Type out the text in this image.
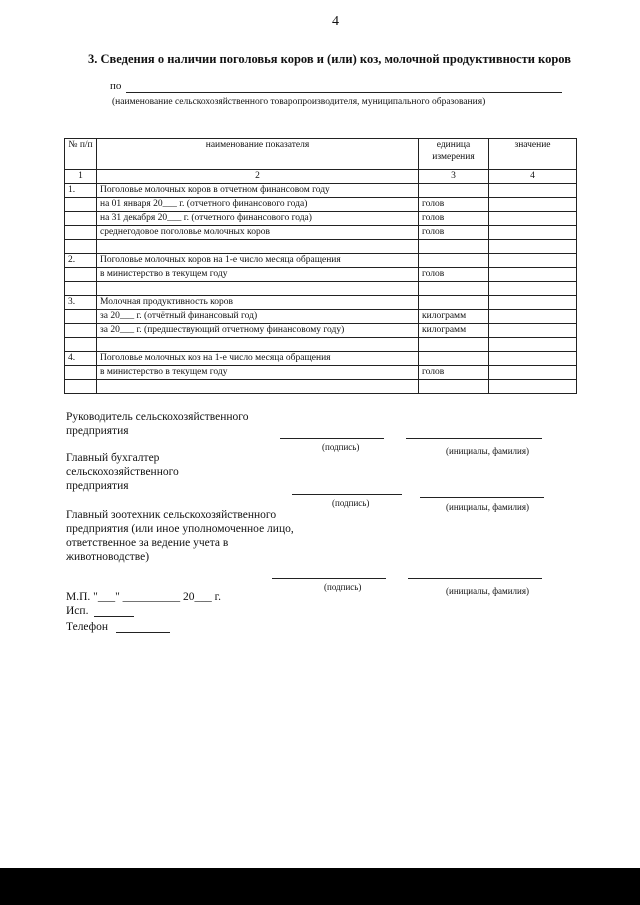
4
3. Сведения о наличии поголовья коров и (или) коз, молочной продуктивности коров
по
(наименование сельскохозяйственного товаропроизводителя, муниципального образования)
№ п/п	наименование показателя	единица измерения	значение
1	2	3	4
1.	Поголовье молочных коров в отчетном финансовом году		
	на 01 января 20___ г. (отчетного финансового года)	голов	
	на 31 декабря 20___ г. (отчетного финансового года)	голов	
	среднегодовое поголовье молочных коров	голов	

2.	Поголовье молочных коров на 1-е число месяца обращения		
	в министерство в текущем году	голов	

3.	Молочная продуктивность коров		
	за 20___ г. (отчётный финансовый год)	килограмм	
	за 20___ г. (предшествующий отчетному финансовому году)	килограмм	

4.	Поголовье молочных коз на 1-е число месяца обращения		
	в министерство в текущем году	голов	

Руководитель сельскохозяйственного предприятия
(подпись)	(инициалы, фамилия)
Главный бухгалтер сельскохозяйственного предприятия
(подпись)	(инициалы, фамилия)
Главный зоотехник сельскохозяйственного предприятия (или иное уполномоченное лицо, ответственное за ведение учета в животноводстве)
(подпись)	(инициалы, фамилия)
М.П. "___" __________ 20___ г.
Исп.
Телефон
